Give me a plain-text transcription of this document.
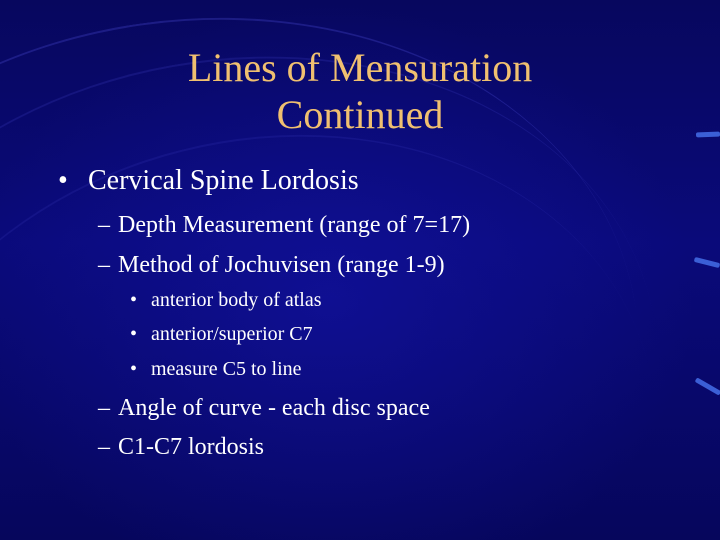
Lines of Mensuration
Continued
• Cervical Spine Lordosis
– Depth Measurement (range of 7=17)
– Method of Jochuvisen (range 1-9)
• anterior body of atlas
• anterior/superior C7
• measure C5 to line
– Angle of curve - each disc space
– C1-C7 lordosis
